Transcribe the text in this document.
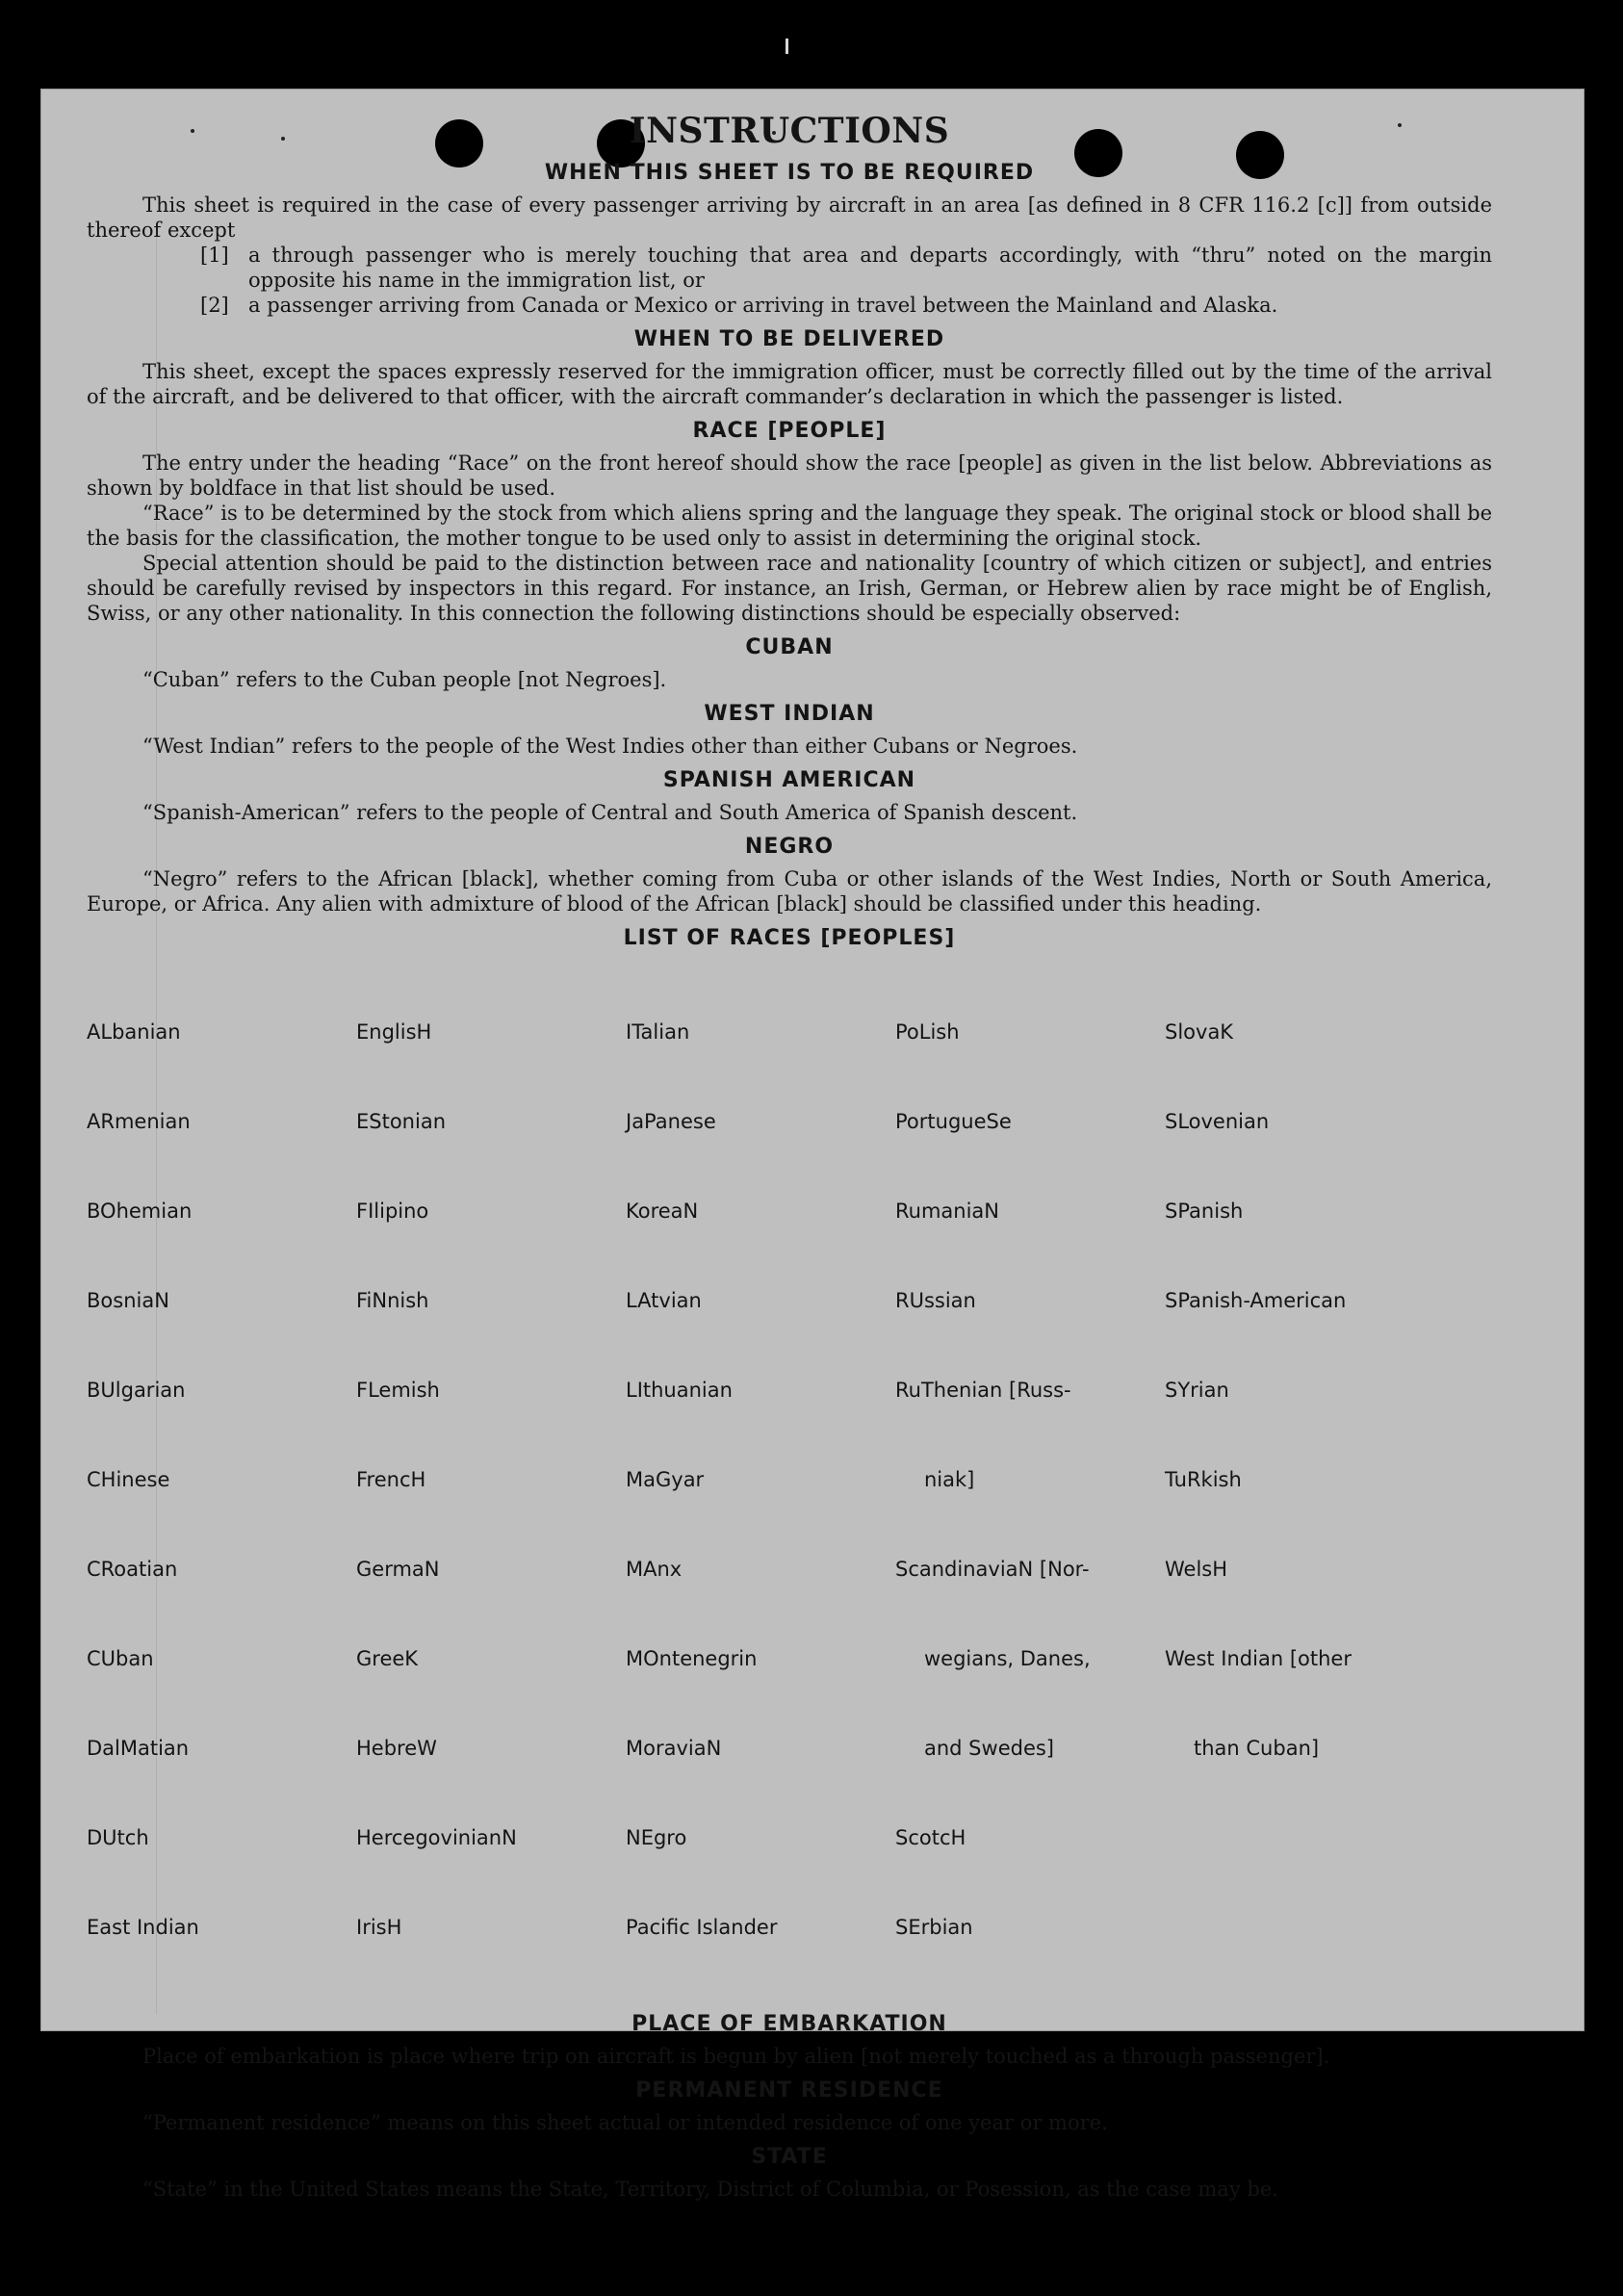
INSTRUCTIONS
WHEN THIS SHEET IS TO BE REQUIRED

This sheet is required in the case of every passenger arriving by aircraft in an area [as defined in 8 CFR 116.2 [c]] from outside thereof except

[1] a through passenger who is merely touching that area and departs accordingly, with “thru” noted on the margin opposite his name in the immigration list, or
[2] a passenger arriving from Canada or Mexico or arriving in travel between the Mainland and Alaska.
WHEN TO BE DELIVERED

This sheet, except the spaces expressly reserved for the immigration officer, must be correctly filled out by the time of the arrival of the aircraft, and be delivered to that officer, with the aircraft commander’s declaration in which the passenger is listed.

RACE [PEOPLE]

The entry under the heading “Race” on the front hereof should show the race [people] as given in the list below. Abbreviations as shown by boldface in that list should be used.

“Race” is to be determined by the stock from which aliens spring and the language they speak. The original stock or blood shall be the basis for the classification, the mother tongue to be used only to assist in determining the original stock.

Special attention should be paid to the distinction between race and nationality [country of which citizen or subject], and entries should be carefully revised by inspectors in this regard. For instance, an Irish, German, or Hebrew alien by race might be of English, Swiss, or any other nationality. In this connection the following distinctions should be especially observed:

CUBAN

“Cuban” refers to the Cuban people [not Negroes].

WEST INDIAN

“West Indian” refers to the people of the West Indies other than either Cubans or Negroes.

SPANISH AMERICAN

“Spanish-American” refers to the people of Central and South America of Spanish descent.

NEGRO

“Negro” refers to the African [black], whether coming from Cuba or other islands of the West Indies, North or South America, Europe, or Africa. Any alien with admixture of blood of the African [black] should be classified under this heading.

LIST OF RACES [PEOPLES]

ALbanian

ARmenian

BOhemian

BosniaN

BUlgarian

CHinese

CRoatian

CUban

DalMatian

DUtch

East Indian

EnglisH

EStonian

FIlipino

FiNnish

FLemish

FrencH

GermaN

GreeK

HebreW

HercegovinianN

IrisH

ITalian

JaPanese

KoreaN

LAtvian

LIthuanian

MaGyar

MAnx

MOntenegrin

MoraviaN

NEgro

Pacific Islander

PoLish

PortugueSe

RumaniaN

RUssian

RuThenian [Russ-

niak]

ScandinaviaN [Nor-

wegians, Danes,

and Swedes]

ScotcH

SErbian

SlovaK

SLovenian

SPanish

SPanish-American

SYrian

TuRkish

WelsH

West Indian [other

than Cuban]

PLACE OF EMBARKATION

Place of embarkation is place where trip on aircraft is begun by alien [not merely touched as a through passenger].

PERMANENT RESIDENCE

“Permanent residence” means on this sheet actual or intended residence of one year or more.

STATE

“State” in the United States means the State, Territory, District of Columbia, or Posession, as the case may be.
